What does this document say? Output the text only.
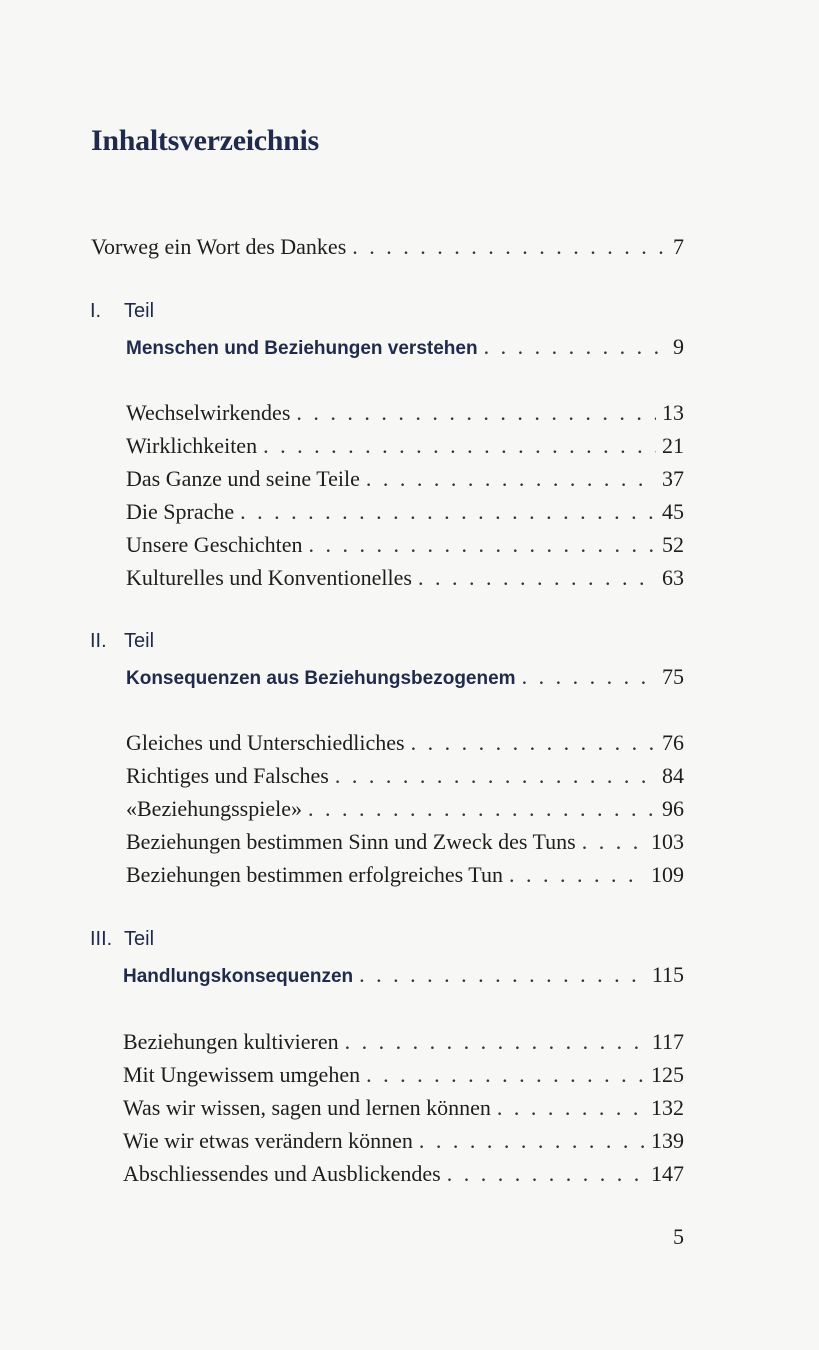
Inhaltsverzeichnis
Vorweg ein Wort des Dankes . . .	7
I. Teil
Menschen und Beziehungen verstehen . . .	9
Wechselwirkendes . . .	13
Wirklichkeiten . . .	21
Das Ganze und seine Teile . . .	37
Die Sprache . . .	45
Unsere Geschichten . . .	52
Kulturelles und Konventionelles . . .	63
II. Teil
Konsequenzen aus Beziehungsbezogenem . . .	75
Gleiches und Unterschiedliches . . .	76
Richtiges und Falsches . . .	84
«Beziehungsspiele» . . .	96
Beziehungen bestimmen Sinn und Zweck des Tuns . . .	103
Beziehungen bestimmen erfolgreiches Tun . . .	109
III. Teil
Handlungskonsequenzen . . .	115
Beziehungen kultivieren . . .	117
Mit Ungewissem umgehen . . .	125
Was wir wissen, sagen und lernen können . . .	132
Wie wir etwas verändern können . . .	139
Abschliessendes und Ausblickendes . . .	147
5
